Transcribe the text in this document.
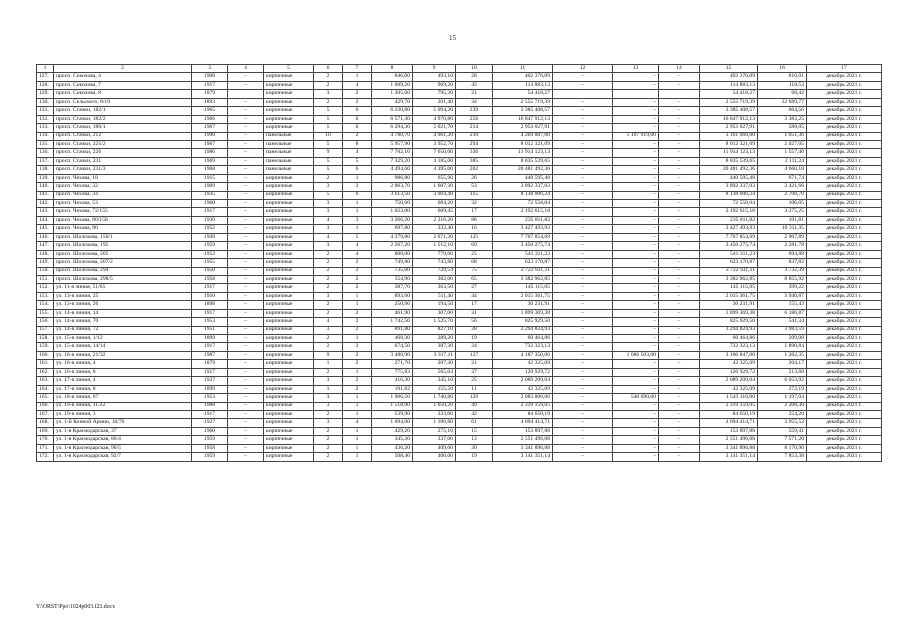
15
1	2	3	4	5	6	7	8	9	10	11	12	13	14	15	16	17
127.	просп. Соколова, 4	1908	–	кирпичные	2	1	846,60	493,10	28	402 376,09	–	–	–	402 376,09	816,01	декабрь 2021 г.
128.	просп. Соколова, 7	1917	–	кирпичные	2	4	1 009,20	969,20	45	114 883,13	–	–	–	114 883,13	118,53	декабрь 2021 г.
129.	просп. Соколова, 8	1879		кирпичные	3	2	1 305,60	795,30	21	54 418,27				54 418,27	68,42	декабрь 2021 г.
130.	просп. Сельского, 8/19	1893	–	кирпичные	2	2	429,70	201,40	34	2 555 719,39	–	–	–	2 555 719,39	12 689,77	декабрь 2021 г.
131.	просп. Стачки, 182/1	1965	–	кирпичные	5	6	6 330,80	5 094,20	239	3 385 408,57	–	–	–	3 385 408,57	664,56	декабрь 2021 г.
132.	просп. Стачки, 182/2	1966	–	кирпичные	5	6	6 571,30	4 970,80	256	16 847 912,13	–	–	–	16 847 912,13	3 383,25	декабрь 2021 г.
133.	просп. Стачки, 186/1	1967	–	кирпичные	5	6	6 294,30	5 021,70	214	2 953 027,91	–	–	–	2 953 027,91	588,05	декабрь 2021 г.
134.	просп. Стачки, 212	1990	–	панельные	10	2	4 780,70	4 061,30	210	4 269 887,00	–	1 107 919,00	–	3 161 968,00	1 051,36	декабрь 2021 г.
135.	просп. Стачки, 225/2	1967	–	панельные	5	8	5 957,90	3 952,70	294	8 012 321,09	–	–	–	8 012 321,09	2 027,05	декабрь 2021 г.
136.	просп. Стачки, 226	1986	–	панельные	9	4	7 702,10	7 650,00	336	11 914 123,13	–	–	–	11 914 123,13	1 557,40	декабрь 2021 г.
137.	просп. Стачки, 231	1969	–	панельные	5	5	7 329,20	4 185,00	385	8 835 539,65	–	–	–	8 835 539,65	2 111,24	декабрь 2021 г.
138.	просп. Стачки, 231/3	1968	–	панельные	5	6	4 494,60	4 395,00	202	20 481 492,36	–	–	–	20 481 492,36	4 660,18	декабрь 2021 г.
139.	просп. Чехова, 18	1915	–	кирпичные	2	1	986,80	655,90	26	440 595,48	–	–	–	440 595,48	671,74	декабрь 2021 г.
140.	просп. Чехова, 32	1909	–	кирпичные	3	2	2 063,70	1 607,30	53	3 892 337,03	–	–	–	3 892 337,03	2 421,66	декабрь 2021 г.
141.	просп. Чехова, 34	1935	–	кирпичные	5	6	3 613,50	3 004,40	115	8 138 006,24	–	–	–	8 138 006,24	2 708,70	декабрь 2021 г.
142.	просп. Чехова, 53	1960	–	кирпичные	3	1	750,60	684,20	32	72 558,04	–	–	–	72 558,04	106,05	декабрь 2021 г.
143.	просп. Чехова, 72/155	1917	–	кирпичные	3	1	1 023,00	669,45	17	2 192 615,18	–	–	–	2 192 615,18	3 275,25	декабрь 2021 г.
144.	просп. Чехова, 80/158	1930	–	кирпичные	4	3	3 266,20	2 316,20	86	235 811,82	–	–	–	235 811,82	101,81	декабрь 2021 г.
145.	просп. Чехова, 90	1952	–	кирпичные	3	1	697,80	332,40	16	3 427 493,93	–	–	–	3 427 493,93	10 311,35	декабрь 2021 г.
146.	просп. Шолохова, 156/1	1949	–	кирпичные	4	5	4 279,80	2 671,30	125	7 767 854,69	–	–	–	7 767 854,69	2 907,89	декабрь 2021 г.
147.	просп. Шолохова, 195	1959	–	кирпичные	3	4	2 267,20	1 512,10	69	3 450 275,74	–	–	–	3 450 275,74	2 281,78	декабрь 2021 г.
148.	просп. Шолохова, 205	1952	–	кирпичные	2	4	800,00	779,00	25	541 311,23	–	–	–	541 311,23	694,88	декабрь 2021 г.
149.	просп. Шолохова, 207/2	1955	–	кирпичные	2	2	749,80	743,80	68	623 170,87	–	–	–	623 170,87	837,82	декабрь 2021 г.
150.	просп. Шолохова, 294	1950	–	кирпичные	2	2	735,60	729,54	75	2 722 931,11	–	–	–	2 722 931,11	3 732,39	декабрь 2021 г.
151.	просп. Шолохова, 298/5	1958	–	кирпичные	2	2	554,90	382,00	65	3 382 962,85	–	–	–	3 382 962,85	8 855,92	декабрь 2021 г.
152.	ул. 11-я линия, 51/65	1917	–	кирпичные	2	2	387,70	363,50	27	145 115,05	–	–	–	145 115,05	399,22	декабрь 2021 г.
153.	ул. 13-я линия, 25	1910	–	кирпичные	3	1	893,60	511,40	44	2 015 361,75	–	–	–	2 015 361,75	3 940,87	декабрь 2021 г.
154.	ул. 13-я линия, 26	1898	–	кирпичные	2	1	250,90	194,50	17	30 231,91	–	–	–	30 231,91	155,43	декабрь 2021 г.
155.	ул. 14-я линия, 14	1917	–	кирпичные	2	2	461,90	307,00	31	1 899 369,38	–	–	–	1 899 369,38	6 186,87	декабрь 2021 г.
156.	ул. 14-я линия, 70	1953	–	кирпичные	4	2	1 742,50	1 525,70	56	825 929,50	–	–	–	825 929,50	541,34	декабрь 2021 г.
157.	ул. 14-я линия, 72	1951	–	кирпичные	3	2	891,80	827,10	28	3 294 824,93	–	–	–	3 294 824,93	3 983,59	декабрь 2021 г.
158.	ул. 15-я линия, 1/12	1899	–	кирпичные	2	1	468,30	289,20	19	60 464,86	–	–	–	60 464,86	209,08	декабрь 2021 г.
159.	ул. 15-я линия, 14/14	1917	–	кирпичные	2	2	674,50	387,30	24	732 323,13	–	–	–	732 323,13	1 890,84	декабрь 2021 г.
160.	ул. 16-я линия, 21/32	1987	–	кирпичные	9	2	3 480,90	3 317,11	127	4 187 350,00	–	1 086 503,00	–	3 100 847,00	1 262,35	декабрь 2021 г.
161.	ул. 16-я линия, 4	1879	–	кирпичные	1	2	271,70	207,30	21	42 325,09	–	–	–	42 325,09	204,17	декабрь 2021 г.
162.	ул. 16-я линия, 8	1917	–	кирпичные	2	1	775,83	565,04	37	120 929,72	–	–	–	120 929,72	213,68	декабрь 2021 г.
163.	ул. 17-я линия, 4	1927	–	кирпичные	3	2	416,30	345,10	25	2 089 209,04	–	–	–	2 089 209,04	6 053,92	декабрь 2021 г.
164.	ул. 17-я линия, 8	1899	–	кирпичные	1	2	191,82	155,50	11	42 325,09	–	–	–	42 325,09	272,19	декабрь 2021 г.
165.	ул. 18-я линия, 67	1953	–	кирпичные	3	1	1 906,50	1 740,80	129	2 083 806,00	–	540 690,00	–	1 543 116,00	1 197,04	декабрь 2021 г.
166.	ул. 19-я линия, 11/22	1988	–	кирпичные	3	1	1 518,90	1 050,20	49	2 319 159,05	–	–	–	2 319 159,05	2 208,30	декабрь 2021 г.
167.	ул. 19-я линия, 3	1917	–	кирпичные	2	1	539,90	333,00	42	84 650,19	–	–	–	84 650,19	254,20	декабрь 2021 г.
168.	ул. 1-й Конной Армии, 10/70	1927	–	кирпичные	3	4	1 694,00	1 186,80	61	4 694 414,71	–	–	–	4 694 414,71	3 955,52	декабрь 2021 г.
169.	ул. 1-я Краснодарская, 37	1960	–	кирпичные	2	1	429,20	275,10	15	153 897,88	–	–	–	153 897,88	559,41	декабрь 2021 г.
170.	ул. 1-я Краснодарская, 86/4	1959	–	кирпичные	2	1	345,20	337,00	13	2 551 496,08	–	–	–	2 551 496,08	7 571,20	декабрь 2021 г.
171.	ул. 1-я Краснодарская, 90/5	1958	–	кирпичные	2	1	436,20	409,00	30	3 341 896,88	–	–	–	3 341 896,88	8 170,90	декабрь 2021 г.
172.	ул. 1-я Краснодарская, 92/7	1959	–	кирпичные	2	1	508,40	400,00	19	3 141 351,14	–	–	–	3 141 351,14	7 853,38	декабрь 2021 г.
Y:\ORST\Ppo\1024p003.f23.docx
